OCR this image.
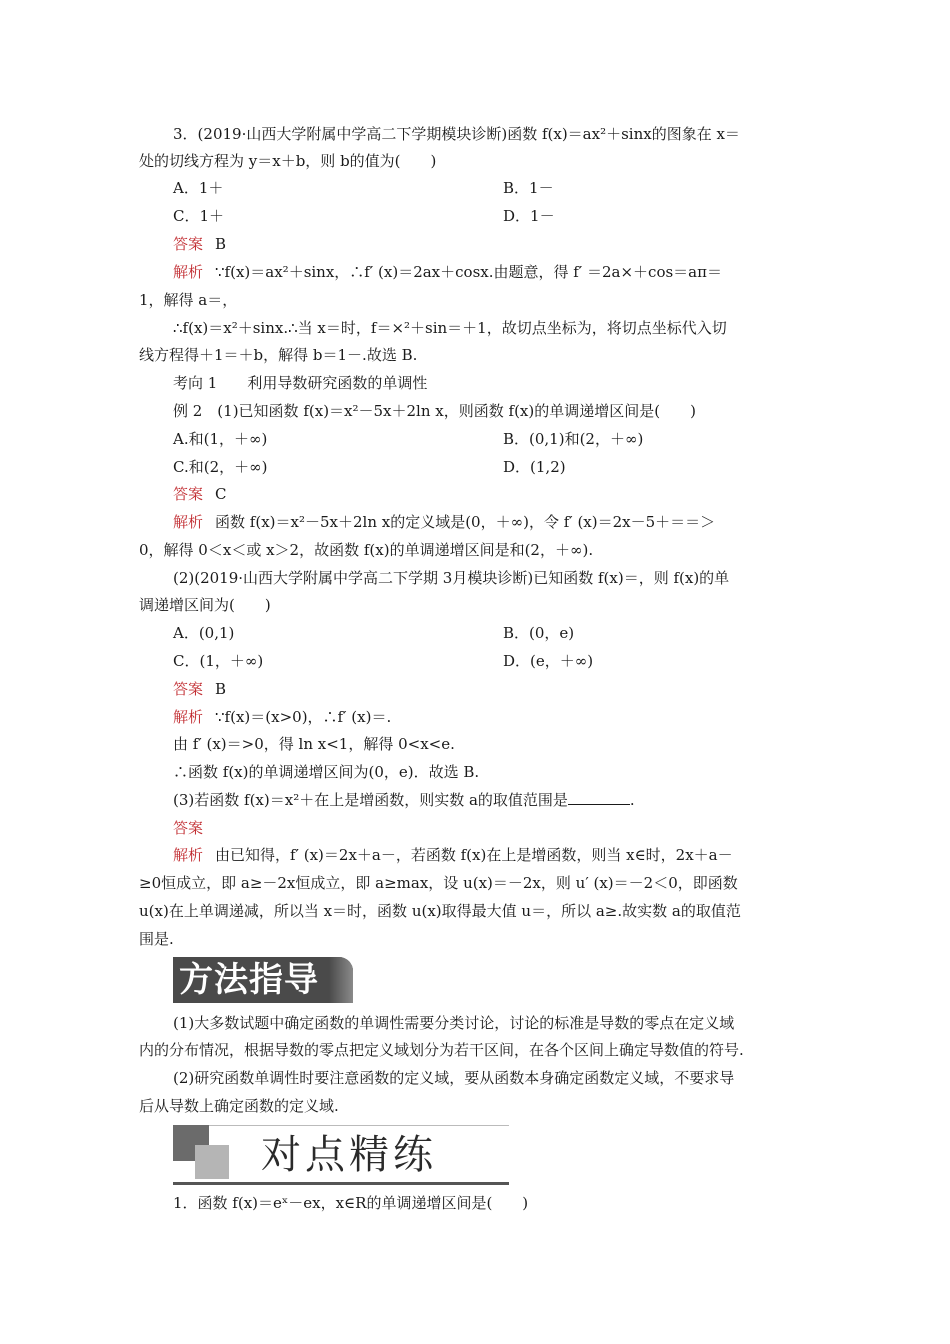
3．(2019·山西大学附属中学高二下学期模块诊断)函数 f(x)＝ax²＋sinx的图象在 x＝
处的切线方程为 y＝x＋b，则 b的值为(　　)
A．1＋	B．1－
C．1＋	D．1－
答案 B
解析 ∵f(x)＝ax²＋sinx，∴f′ (x)＝2ax＋cosx.由题意，得 f′ ＝2a×＋cos＝aπ＝
1，解得 a＝，
∴f(x)＝x²＋sinx.∴当 x＝时，f＝×²＋sin＝＋1，故切点坐标为，将切点坐标代入切
线方程得＋1＝＋b，解得 b＝1－.故选 B.
考向 1 利用导数研究函数的单调性
例 2　(1)已知函数 f(x)＝x²－5x＋2ln x，则函数 f(x)的单调递增区间是(　　)
A.和(1，＋∞)	B．(0,1)和(2，＋∞)
C.和(2，＋∞)	D．(1,2)
答案 C
解析 函数 f(x)＝x²－5x＋2ln x的定义域是(0，＋∞)，令 f′ (x)＝2x－5＋＝＝＞
0，解得 0＜x＜或 x＞2，故函数 f(x)的单调递增区间是和(2，＋∞).
(2)(2019·山西大学附属中学高二下学期 3月模块诊断)已知函数 f(x)＝，则 f(x)的单
调递增区间为(　　)
A．(0,1)	B．(0，e)
C．(1，＋∞)	D．(e，＋∞)
答案 B
解析 ∵f(x)＝(x>0)，∴f′ (x)＝.
由 f′ (x)＝>0，得 ln x<1，解得 0<x<e.
∴函数 f(x)的单调递增区间为(0，e)．故选 B.
(3)若函数 f(x)＝x²＋在上是增函数，则实数 a的取值范围是	.
答案
解析 由已知得，f′ (x)＝2x＋a－，若函数 f(x)在上是增函数，则当 x∈时，2x＋a－
≥0恒成立，即 a≥－2x恒成立，即 a≥max，设 u(x)＝－2x，则 u′ (x)＝－2＜0，即函数
u(x)在上单调递减，所以当 x＝时，函数 u(x)取得最大值 u＝，所以 a≥.故实数 a的取值范
围是.
方法指导
(1)大多数试题中确定函数的单调性需要分类讨论，讨论的标准是导数的零点在定义域
内的分布情况，根据导数的零点把定义域划分为若干区间，在各个区间上确定导数值的符号.
(2)研究函数单调性时要注意函数的定义域，要从函数本身确定函数定义域，不要求导
后从导数上确定函数的定义域.
对点精练
1．函数 f(x)＝eˣ－ex，x∈R的单调递增区间是(　　)
